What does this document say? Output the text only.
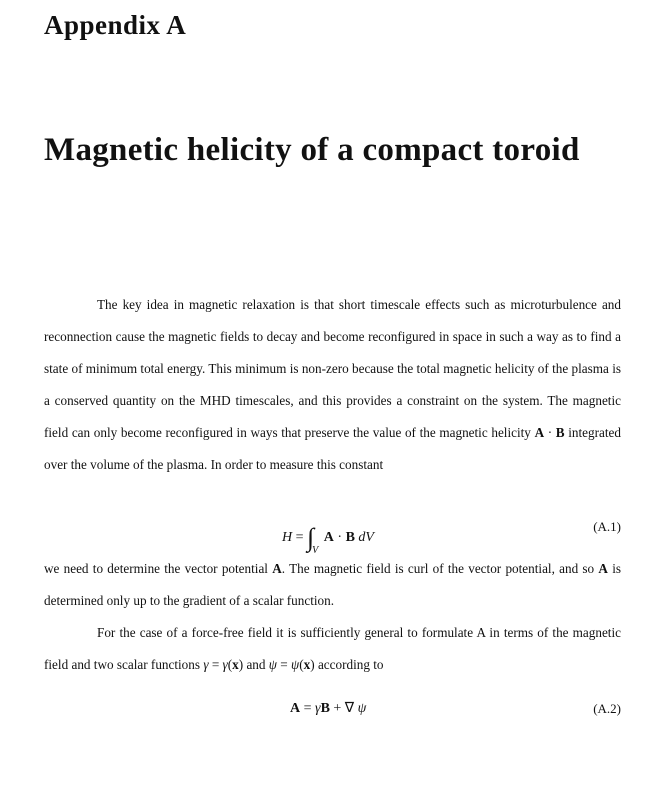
Appendix A
Magnetic helicity of a compact toroid

The key idea in magnetic relaxation is that short timescale effects such as microturbulence and reconnection cause the magnetic fields to decay and become reconfigured in space in such a way as to find a state of minimum total energy. This minimum is non-zero because the total magnetic helicity of the plasma is a conserved quantity on the MHD timescales, and this provides a constraint on the system. The magnetic field can only become reconfigured in ways that preserve the value of the magnetic helicity A · B integrated over the volume of the plasma. In order to measure this constant

$H = \int_V$ A · B dV
(A.1)

we need to determine the vector potential A. The magnetic field is curl of the vector potential, and so A is determined only up to the gradient of a scalar function.

For the case of a force-free field it is sufficiently general to formulate A in terms of the magnetic field and two scalar functions γ = γ(x) and ψ = ψ(x) according to

A = γB + ∇ ψ	(A.2)
